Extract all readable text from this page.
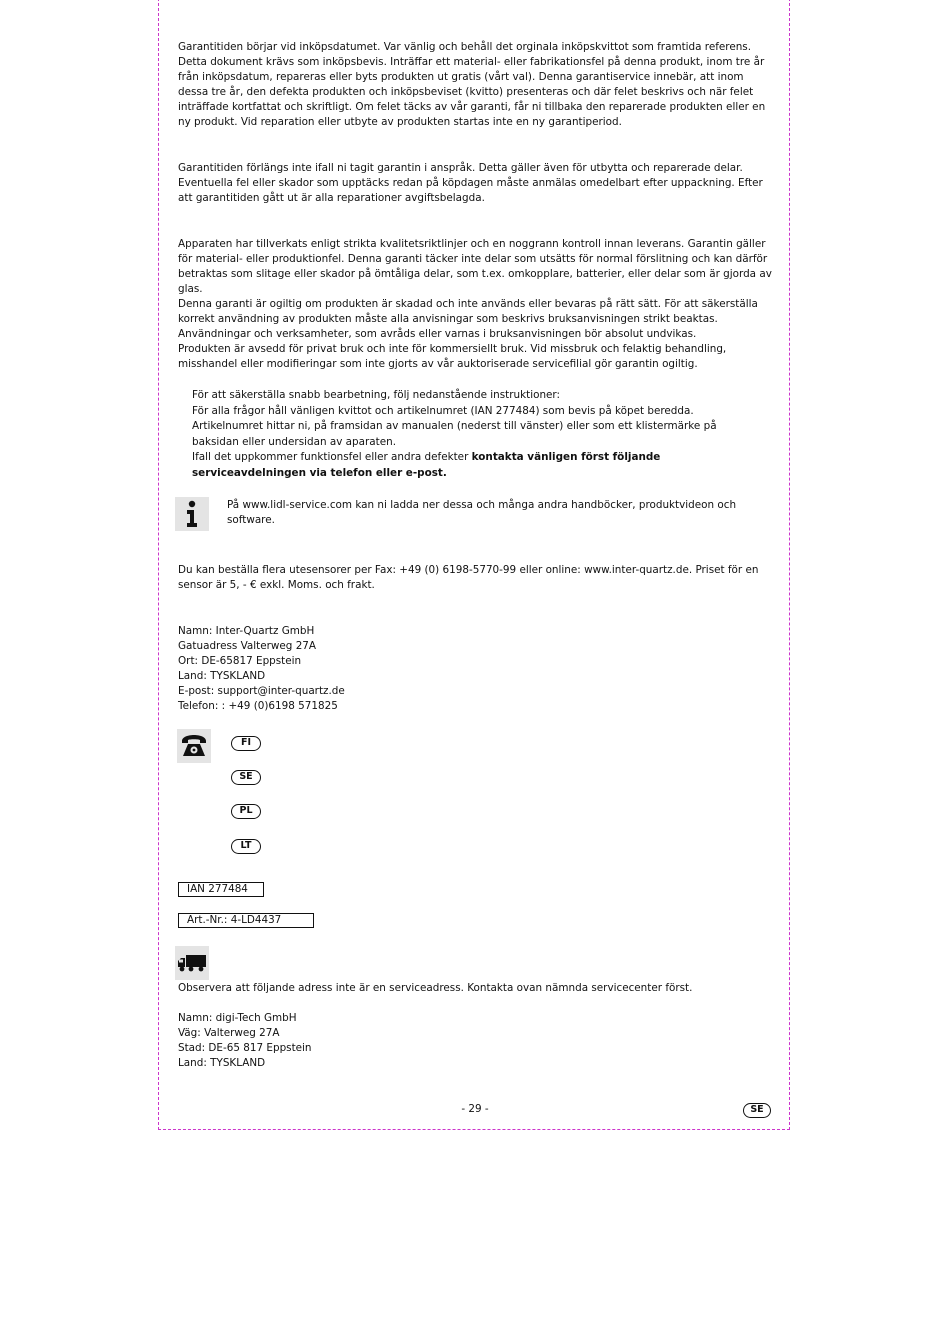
Garantitiden börjar vid inköpsdatumet. Var vänlig och behåll det orginala inköpskvittot som framtida referens. Detta dokument krävs som inköpsbevis. Inträffar ett material- eller fabrikationsfel på denna produkt, inom tre år från inköpsdatum, repareras eller byts produkten ut gratis (vårt val). Denna garantiservice innebär, att inom dessa tre år, den defekta produkten och inköpsbeviset (kvitto) presenteras och där felet beskrivs och när felet inträffade kortfattat och skriftligt. Om felet täcks av vår garanti, får ni tillbaka den reparerade produkten eller en ny produkt. Vid reparation eller utbyte av produkten startas inte en ny garantiperiod.

Garantitiden förlängs inte ifall ni tagit garantin i anspråk. Detta gäller även för utbytta och reparerade delar. Eventuella fel eller skador som upptäcks redan på köpdagen måste anmälas omedelbart efter uppackning. Efter att garantitiden gått ut är alla reparationer avgiftsbelagda.

Apparaten har tillverkats enligt strikta kvalitetsriktlinjer och en noggrann kontroll innan leverans. Garantin gäller för material- eller produktionfel. Denna garanti täcker inte delar som utsätts för normal förslitning och kan därför betraktas som slitage eller skador på ömtåliga delar, som t.ex. omkopplare, batterier, eller delar som är gjorda av glas.

Denna garanti är ogiltig om produkten är skadad och inte används eller bevaras på rätt sätt. För att säkerställa korrekt användning av produkten måste alla anvisningar som beskrivs bruksanvisningen strikt beaktas. Användningar och verksamheter, som avråds eller varnas i bruksanvisningen bör absolut undvikas.

Produkten är avsedd för privat bruk och inte för kommersiellt bruk. Vid missbruk och felaktig behandling, misshandel eller modifieringar som inte gjorts av vår auktoriserade servicefilial gör garantin ogiltig.

För att säkerställa snabb bearbetning, följ nedanstående instruktioner:

För alla frågor håll vänligen kvittot och artikelnumret (IAN 277484) som bevis på köpet beredda.

Artikelnumret hittar ni, på framsidan av manualen (nederst till vänster) eller som ett klistermärke på baksidan eller undersidan av aparaten.

Ifall det uppkommer funktionsfel eller andra defekter kontakta vänligen först följande serviceavdelningen via telefon eller e-post.

På www.lidl-service.com kan ni ladda ner dessa och många andra handböcker, produktvideon och software.

Du kan beställa flera utesensorer per Fax: +49 (0) 6198-5770-99 eller online: www.inter-quartz.de. Priset för en sensor är 5, - € exkl. Moms. och frakt.

Namn: Inter-Quartz GmbH

Gatuadress Valterweg 27A

Ort: DE-65817 Eppstein

Land: TYSKLAND

E-post: support@inter-quartz.de

Telefon: : +49 (0)6198 571825

FI
SE
PL
LT
IAN 277484
Art.-Nr.: 4-LD4437

Observera att följande adress inte är en serviceadress. Kontakta ovan nämnda servicecenter först.

Namn: digi-Tech GmbH

Väg: Valterweg 27A

Stad: DE-65 817 Eppstein

Land: TYSKLAND

- 29 -	SE
